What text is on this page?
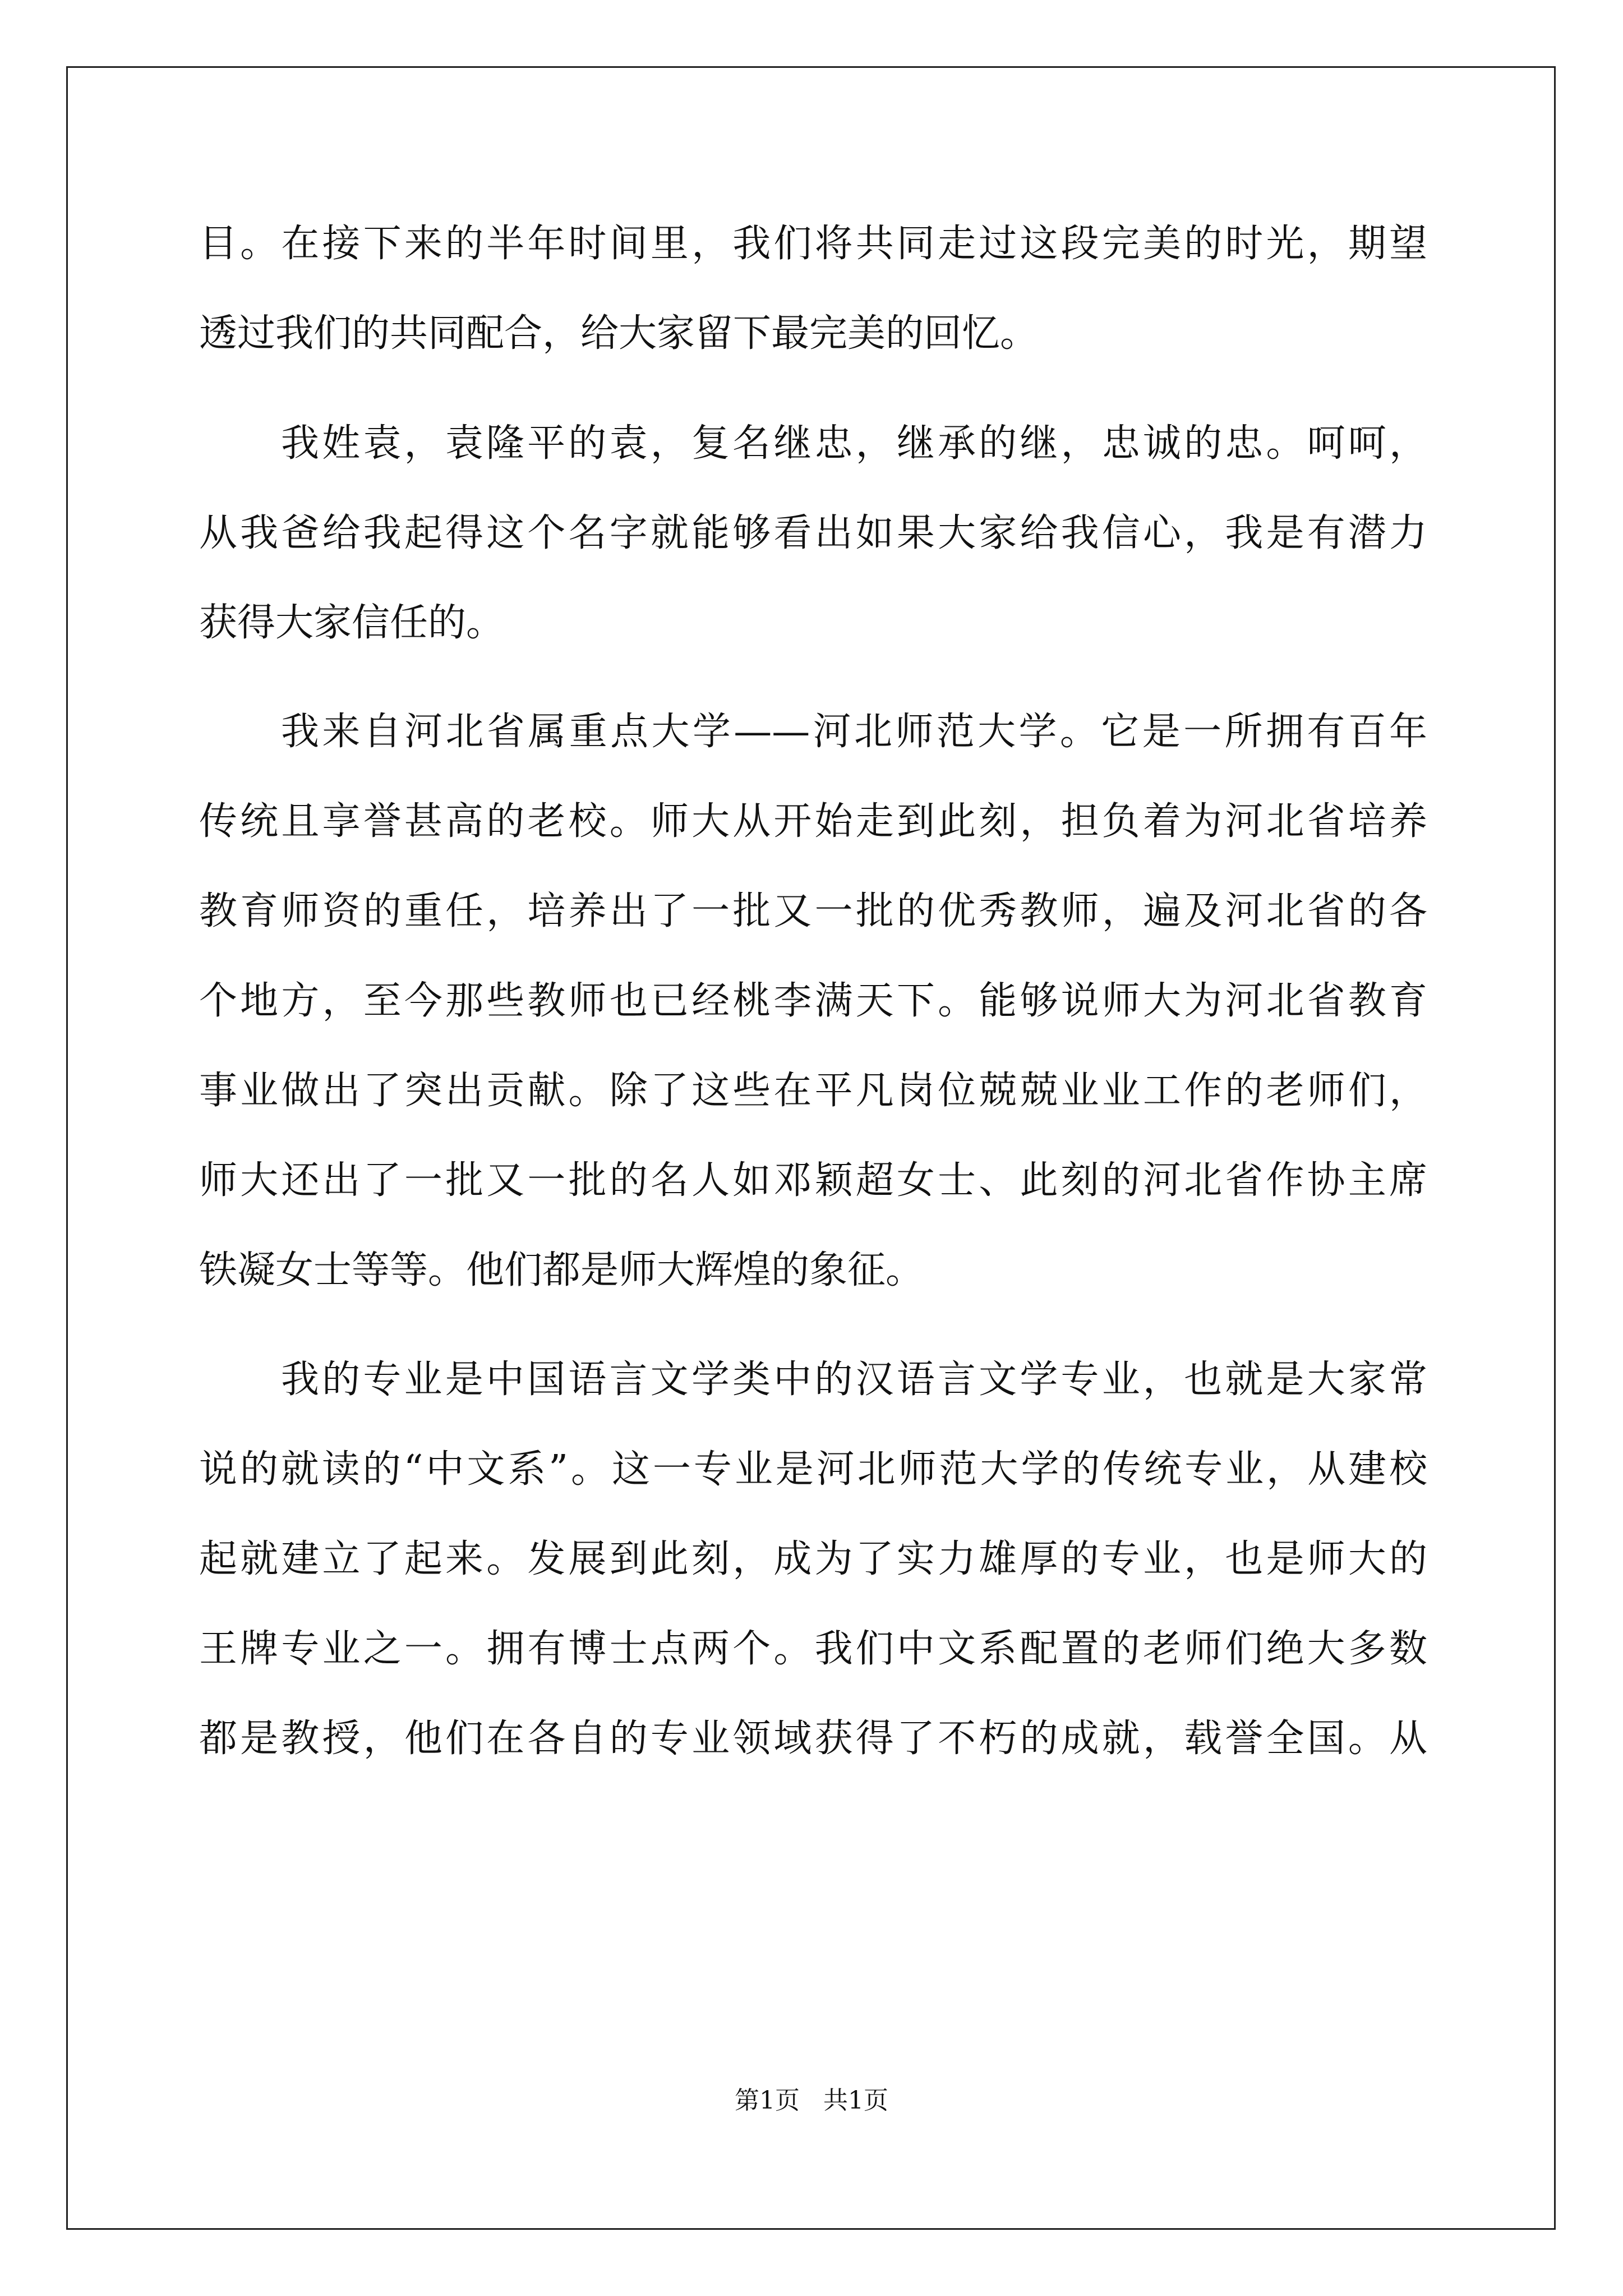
目。在接下来的半年时间里，我们将共同走过这段完美的时光，期望
透过我们的共同配合，给大家留下最完美的回忆。
我姓袁，袁隆平的袁，复名继忠，继承的继，忠诚的忠。呵呵，
从我爸给我起得这个名字就能够看出如果大家给我信心，我是有潜力
获得大家信任的。
我来自河北省属重点大学——河北师范大学。它是一所拥有百年
传统且享誉甚高的老校。师大从开始走到此刻，担负着为河北省培养
教育师资的重任，培养出了一批又一批的优秀教师，遍及河北省的各
个地方，至今那些教师也已经桃李满天下。能够说师大为河北省教育
事业做出了突出贡献。除了这些在平凡岗位兢兢业业工作的老师们，
师大还出了一批又一批的名人如邓颖超女士、此刻的河北省作协主席
铁凝女士等等。他们都是师大辉煌的象征。
我的专业是中国语言文学类中的汉语言文学专业，也就是大家常
说的就读的“中文系”。这一专业是河北师范大学的传统专业，从建校
起就建立了起来。发展到此刻，成为了实力雄厚的专业，也是师大的
王牌专业之一。拥有博士点两个。我们中文系配置的老师们绝大多数
都是教授，他们在各自的专业领域获得了不朽的成就，载誉全国。从
第1页   共1页
